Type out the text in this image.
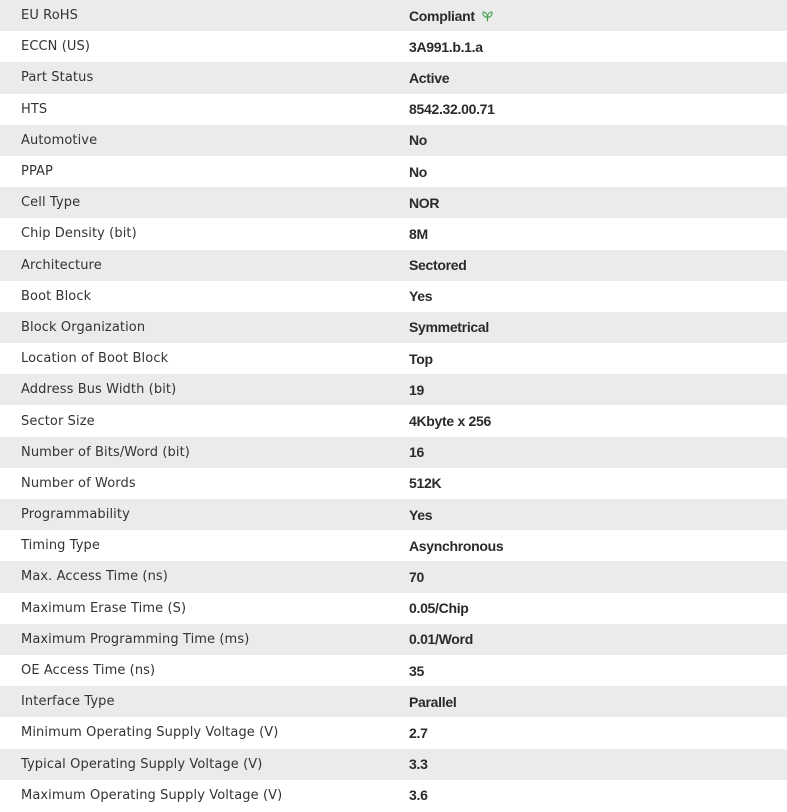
EU RoHS	Compliant
ECCN (US)	3A991.b.1.a
Part Status	Active
HTS	8542.32.00.71
Automotive	No
PPAP	No
Cell Type	NOR
Chip Density (bit)	8M
Architecture	Sectored
Boot Block	Yes
Block Organization	Symmetrical
Location of Boot Block	Top
Address Bus Width (bit)	19
Sector Size	4Kbyte x 256
Number of Bits/Word (bit)	16
Number of Words	512K
Programmability	Yes
Timing Type	Asynchronous
Max. Access Time (ns)	70
Maximum Erase Time (S)	0.05/Chip
Maximum Programming Time (ms)	0.01/Word
OE Access Time (ns)	35
Interface Type	Parallel
Minimum Operating Supply Voltage (V)	2.7
Typical Operating Supply Voltage (V)	3.3
Maximum Operating Supply Voltage (V)	3.6
